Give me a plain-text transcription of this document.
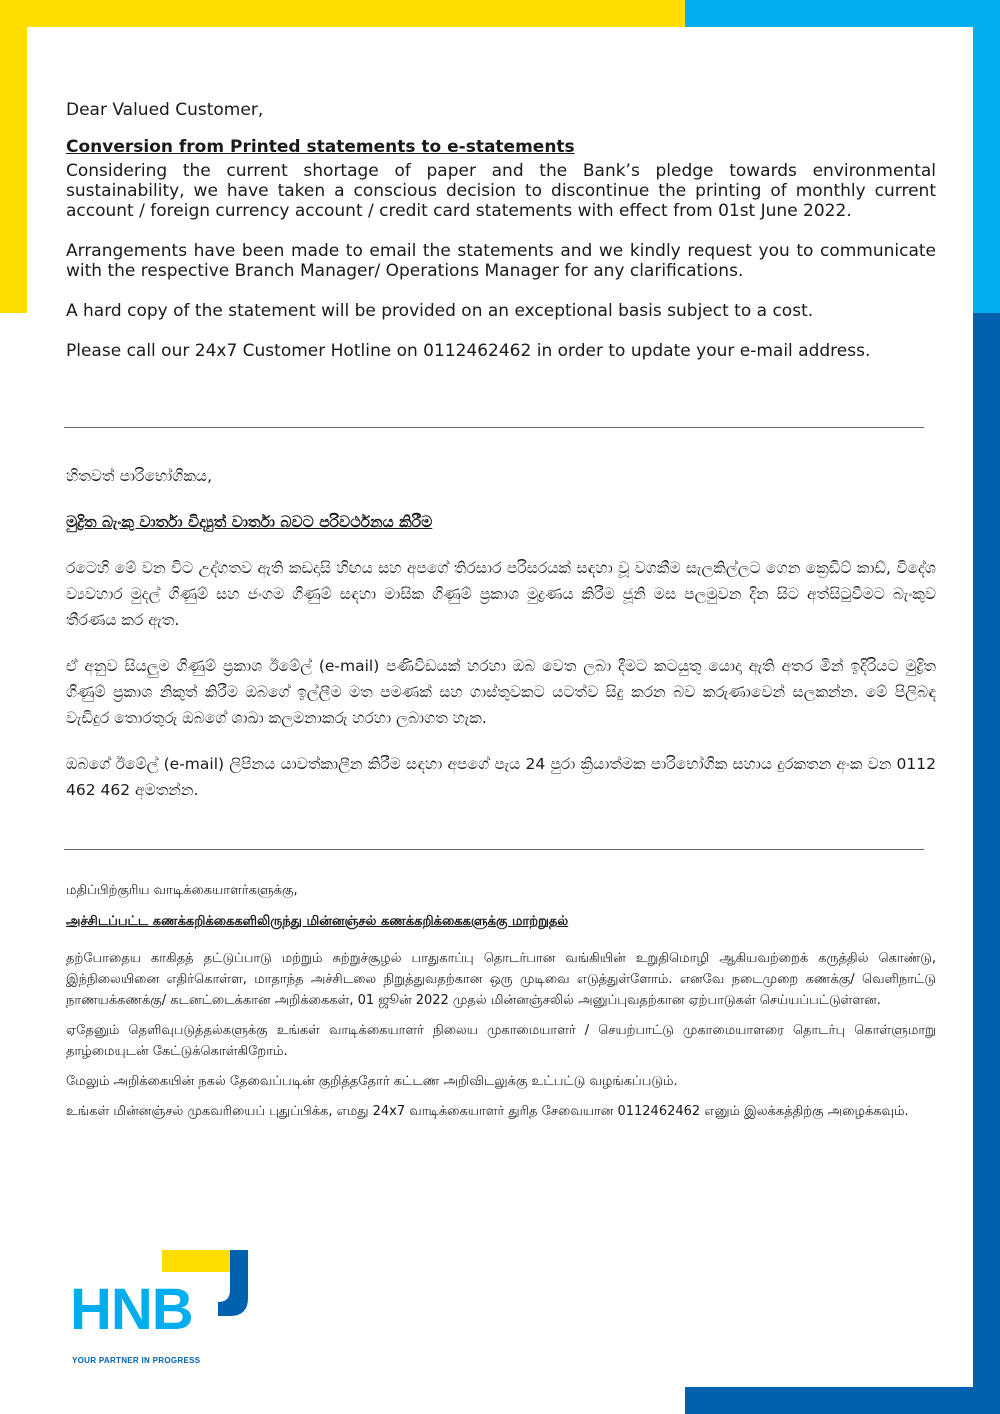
Dear Valued Customer,

Conversion from Printed statements to e-statements

Considering the current shortage of paper and the Bank’s pledge towards environmental sustainability, we have taken a conscious decision to discontinue the printing of monthly current account / foreign currency account / credit card statements with effect from 01st June 2022.

Arrangements have been made to email the statements and we kindly request you to communicate with the respective Branch Manager/ Operations Manager for any clarifications.

A hard copy of the statement will be provided on an exceptional basis subject to a cost.

Please call our 24x7 Customer Hotline on 0112462462 in order to update your e-mail address.

හිතවත් පාරිභෝගිකය,

මුද්‍රිත බැංකු වාර්තා විද්‍යුත් වාර්තා බවට පරිවර්ථනය කිරීම

රටෙහි මේ වන විට උද්ගතව ඇති කඩදාසි හිඟය සහ අපගේ තිරසාර පරිසරයක් සඳහා වූ වගකීම සැලකිල්ලට ගෙන ක්‍රෙඩිට් කාඩ්, විදේශ ව්‍යවහාර මුදල් ගිණුම් සහ ජංගම ගිණුම් සඳහා මාසික ගිණුම් ප්‍රකාශ මුද්‍රණය කිරීම ජූනි මස පලමුවන දින සිට අත්සිටුවීමට බැංකුව තීරණය කර ඇත.

ඒ අනුව සියලුම ගිණුම් ප්‍රකාශ ඊමේල් (e-mail) පණිවිඩයක් හරහා ඔබ වෙත ලබා දීමට කටයුතු යොදා ඇති අතර මින් ඉදිරියට මුද්‍රිත ගිණුම් ප්‍රකාශ නිකුත් කිරීම ඔබගේ ඉල්ලීම මත පමණක් සහ ගාස්තුවකට යටත්ව සිදු කරන බව කරුණාවෙන් සලකන්න. මේ පිලිබඳ වැඩිදුර තොරතුරු ඔබගේ ශාඛා කලමනාකරු හරහා ලබාගත හැක.

ඔබගේ ඊමේල් (e-mail) ලිපිනය යාවත්කාලීන කිරීම සඳහා අපගේ පැය 24 පුරා ක්‍රියාත්මක පාරිභෝගික සහාය දුරකතන අංක වන 0112 462 462 අමතන්න.

மதிப்பிற்குரிய வாடிக்கையாளர்களுக்கு,

அச்சிடப்பட்ட கணக்கறிக்கைகளிலிருந்து மின்னஞ்சல் கணக்கறிக்கைகளுக்கு மாற்றுதல்

தற்போதைய காகிதத் தட்டுப்பாடு மற்றும் சுற்றுச்சூழல் பாதுகாப்பு தொடர்பான வங்கியின் உறுதிமொழி ஆகியவற்றைக் கருத்தில் கொண்டு, இந்நிலையினை எதிர்கொள்ள, மாதாந்த அச்சிடலை நிறுத்துவதற்கான ஒரு முடிவை எடுத்துள்ளோம். எனவே நடைமுறை கணக்கு/ வெளிநாட்டு நாணயக்கணக்கு/ கடனட்டைக்கான அறிக்கைகள், 01 ஜூன் 2022 முதல் மின்னஞ்சலில் அனுப்புவதற்கான ஏற்பாடுகள் செய்யப்பட்டுள்ளன.

ஏதேனும் தெளிவுபடுத்தல்களுக்கு உங்கள் வாடிக்கையாளர் நிலைய முகாமையாளர் / செயற்பாட்டு முகாமையாளரை தொடர்பு கொள்ளுமாறு தாழ்மையுடன் கேட்டுக்கொள்கிறோம்.

மேலும் அறிக்கையின் நகல் தேவைப்படின் குறித்ததோர் கட்டண அறிவிடலுக்கு உட்பட்டு வழங்கப்படும்.

உங்கள் மின்னஞ்சல் முகவரியைப் புதுப்பிக்க, எமது 24x7 வாடிக்கையாளர் துரித சேவையான 0112462462 எனும் இலக்கத்திற்கு அழைக்கவும்.

HNB
YOUR PARTNER IN PROGRESS
